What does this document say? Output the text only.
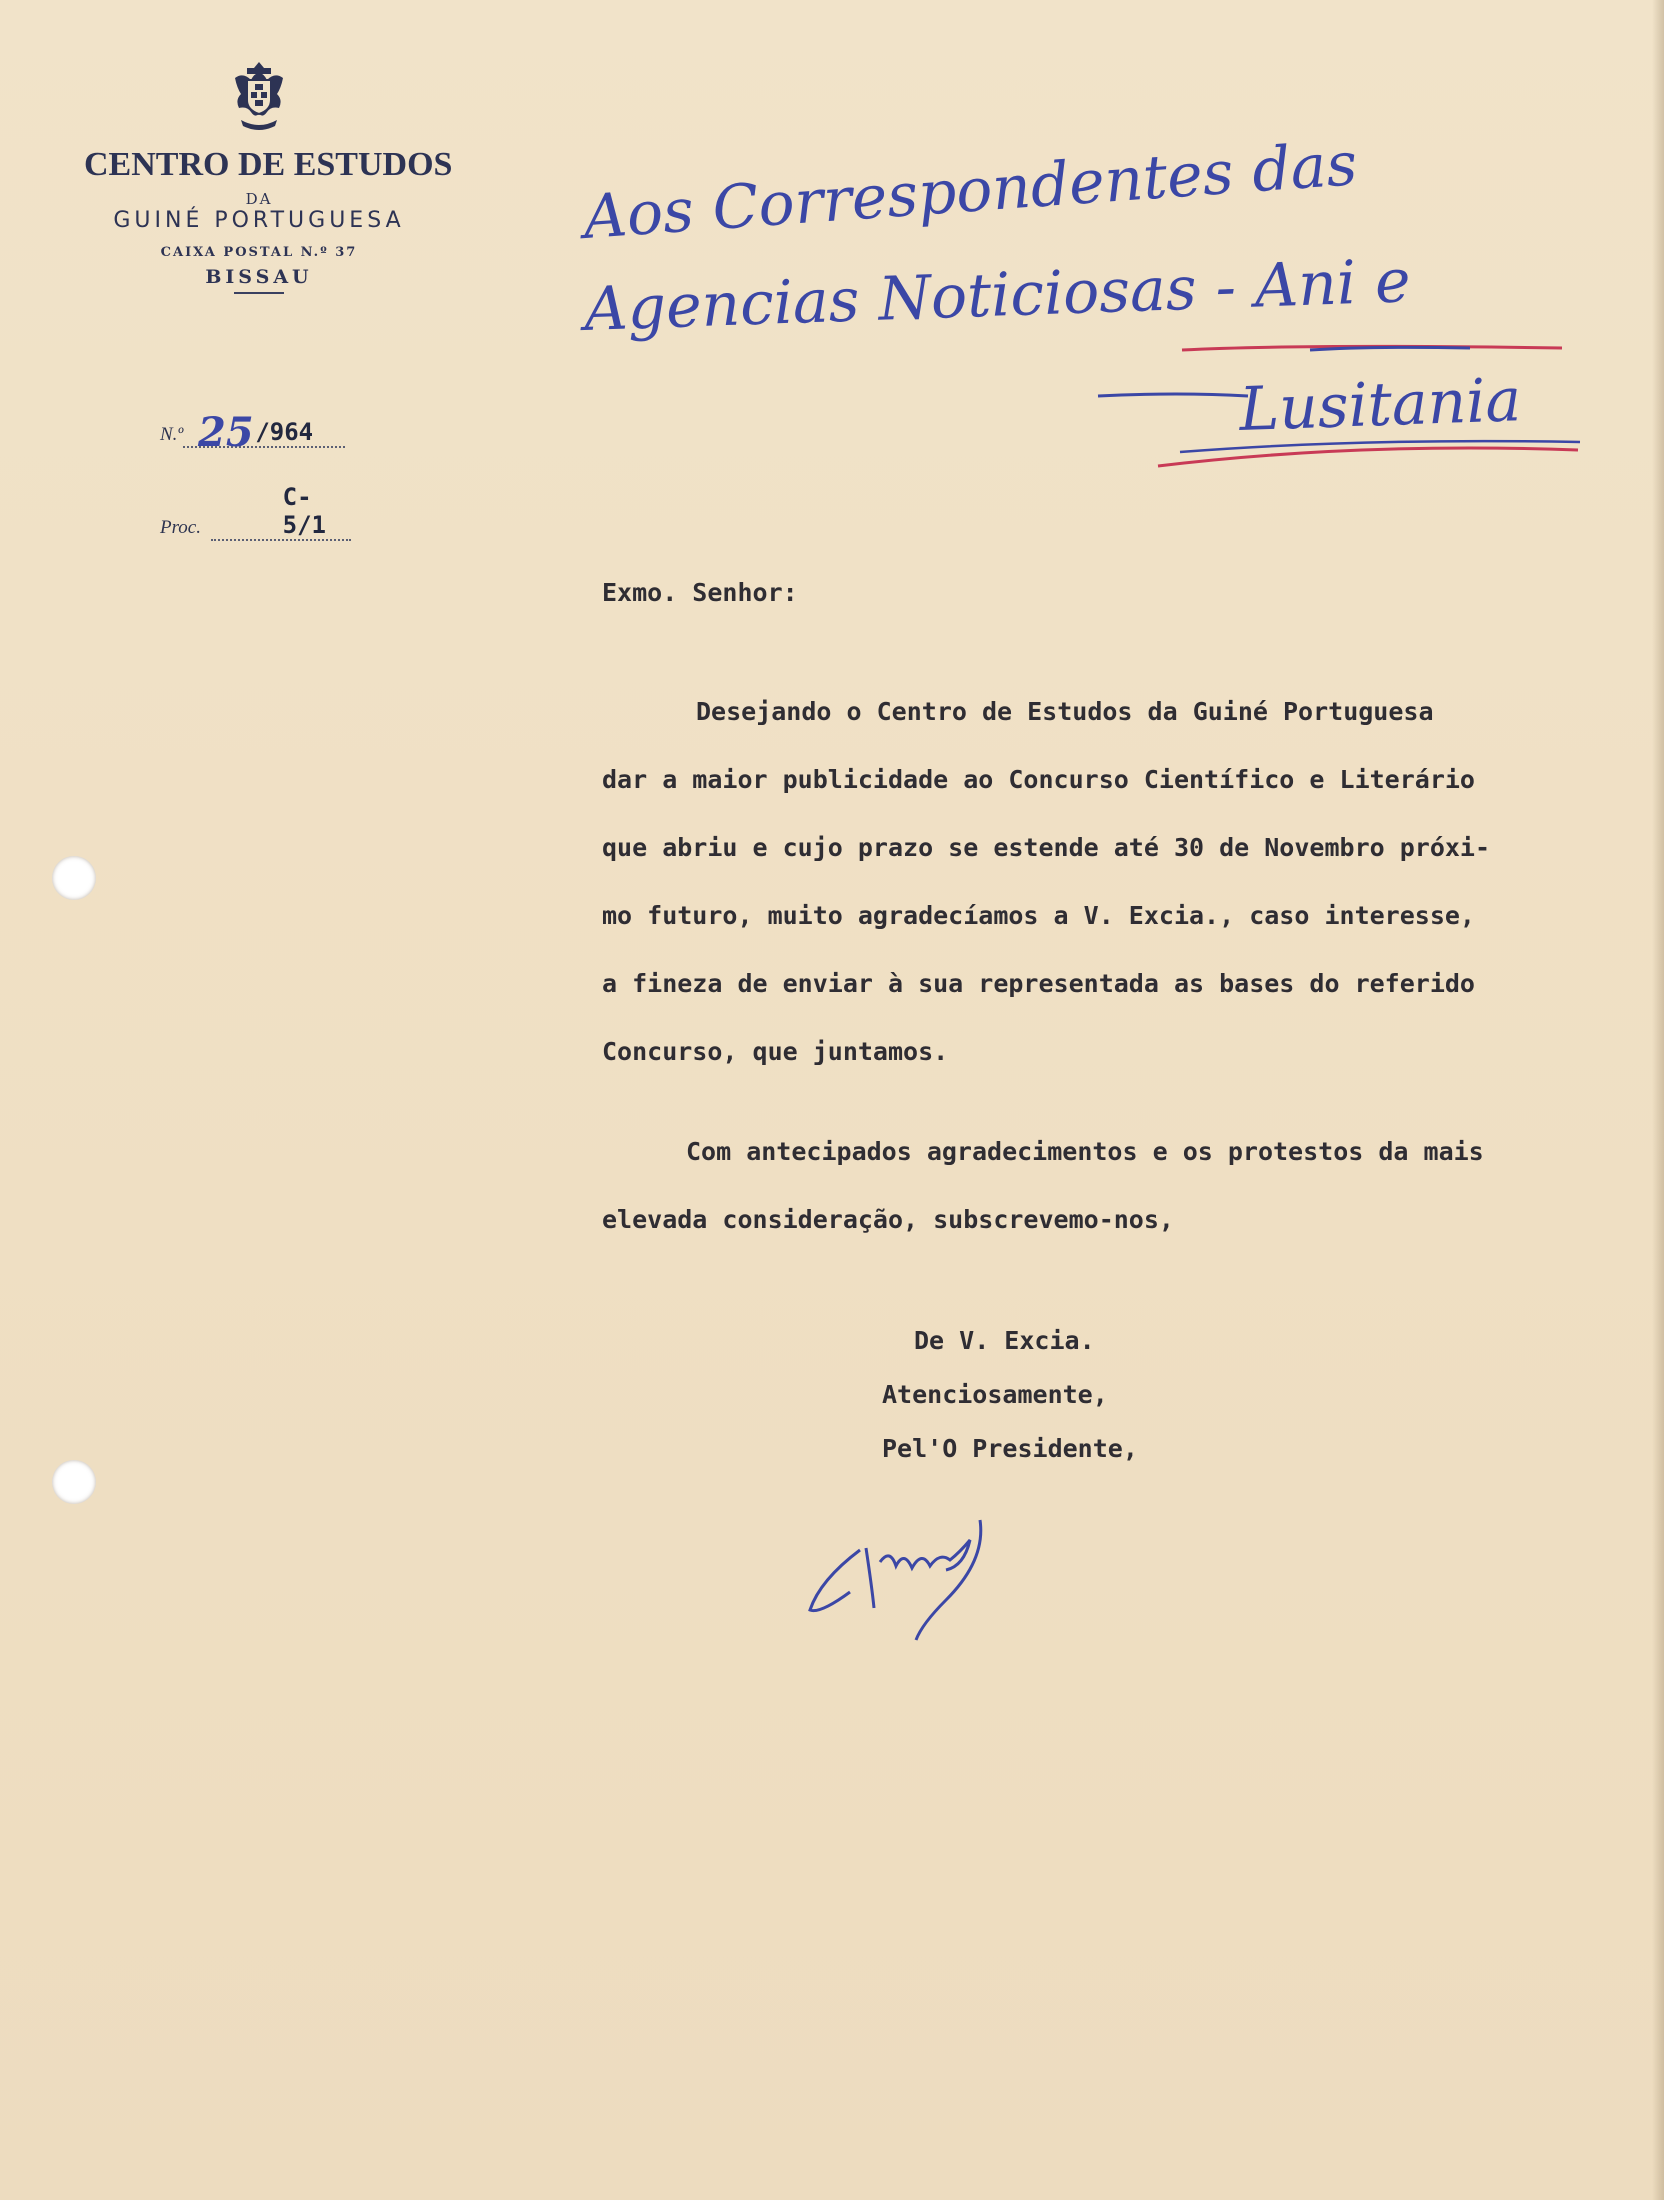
CENTRO DE ESTUDOS
DA
GUINÉ PORTUGUESA
CAIXA POSTAL N.º 37
BISSAU
N.º	/964
25
Proc. C- 5/1
Aos Correspondentes das
Agencias Noticiosas - Ani e
Lusitania
Exmo. Senhor:
Desejando o Centro de Estudos da Guiné Portuguesa
dar a maior publicidade ao Concurso Científico e Literário
que abriu e cujo prazo se estende até 30 de Novembro próxi-
mo futuro, muito agradecíamos a V. Excia., caso interesse,
a fineza de enviar à sua representada as bases do referido
Concurso, que juntamos.
Com antecipados agradecimentos e os protestos da mais
elevada consideração, subscrevemo-nos,
De V. Excia.
Atenciosamente,
Pel'O Presidente,
